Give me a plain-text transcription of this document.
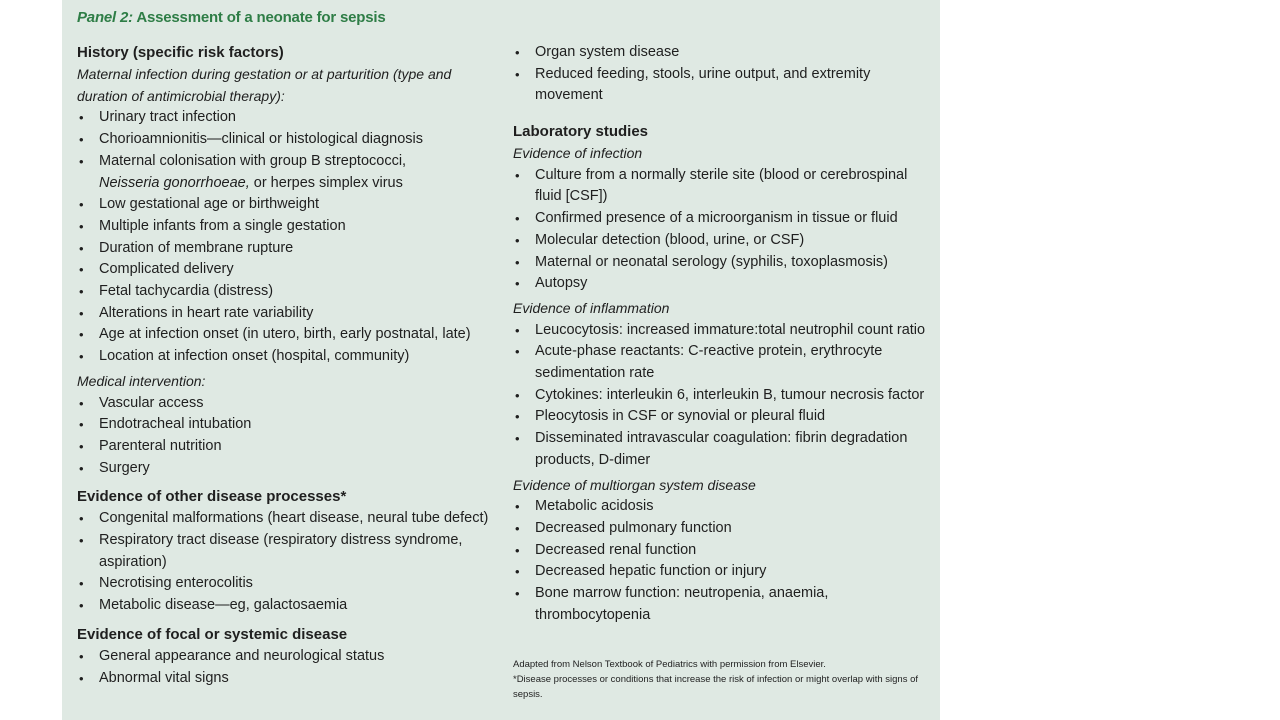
Panel 2: Assessment of a neonate for sepsis
History (specific risk factors)

Maternal infection during gestation or at parturition (type and duration of antimicrobial therapy):

• Urinary tract infection
• Chorioamnionitis—clinical or histological diagnosis
• Maternal colonisation with group B streptococci,
Neisseria gonorrhoeae, or herpes simplex virus
• Low gestational age or birthweight
• Multiple infants from a single gestation
• Duration of membrane rupture
• Complicated delivery
• Fetal tachycardia (distress)
• Alterations in heart rate variability
• Age at infection onset (in utero, birth, early postnatal, late)
• Location at infection onset (hospital, community)

Medical intervention:

• Vascular access
• Endotracheal intubation
• Parenteral nutrition
• Surgery
Evidence of other disease processes*
• Congenital malformations (heart disease, neural tube defect)
• Respiratory tract disease (respiratory distress syndrome, aspiration)
• Necrotising enterocolitis
• Metabolic disease—eg, galactosaemia
Evidence of focal or systemic disease
• General appearance and neurological status
• Abnormal vital signs
• Organ system disease
• Reduced feeding, stools, urine output, and extremity movement
Laboratory studies

Evidence of infection

• Culture from a normally sterile site (blood or cerebrospinal fluid [CSF])
• Confirmed presence of a microorganism in tissue or fluid
• Molecular detection (blood, urine, or CSF)
• Maternal or neonatal serology (syphilis, toxoplasmosis)
• Autopsy

Evidence of inflammation

• Leucocytosis: increased immature:total neutrophil count ratio
• Acute-phase reactants: C-reactive protein, erythrocyte sedimentation rate
• Cytokines: interleukin 6, interleukin B, tumour necrosis factor
• Pleocytosis in CSF or synovial or pleural fluid
• Disseminated intravascular coagulation: fibrin degradation products, D-dimer

Evidence of multiorgan system disease

• Metabolic acidosis
• Decreased pulmonary function
• Decreased renal function
• Decreased hepatic function or injury
• Bone marrow function: neutropenia, anaemia, thrombocytopenia

Adapted from Nelson Textbook of Pediatrics with permission from Elsevier.

*Disease processes or conditions that increase the risk of infection or might overlap with signs of sepsis.
